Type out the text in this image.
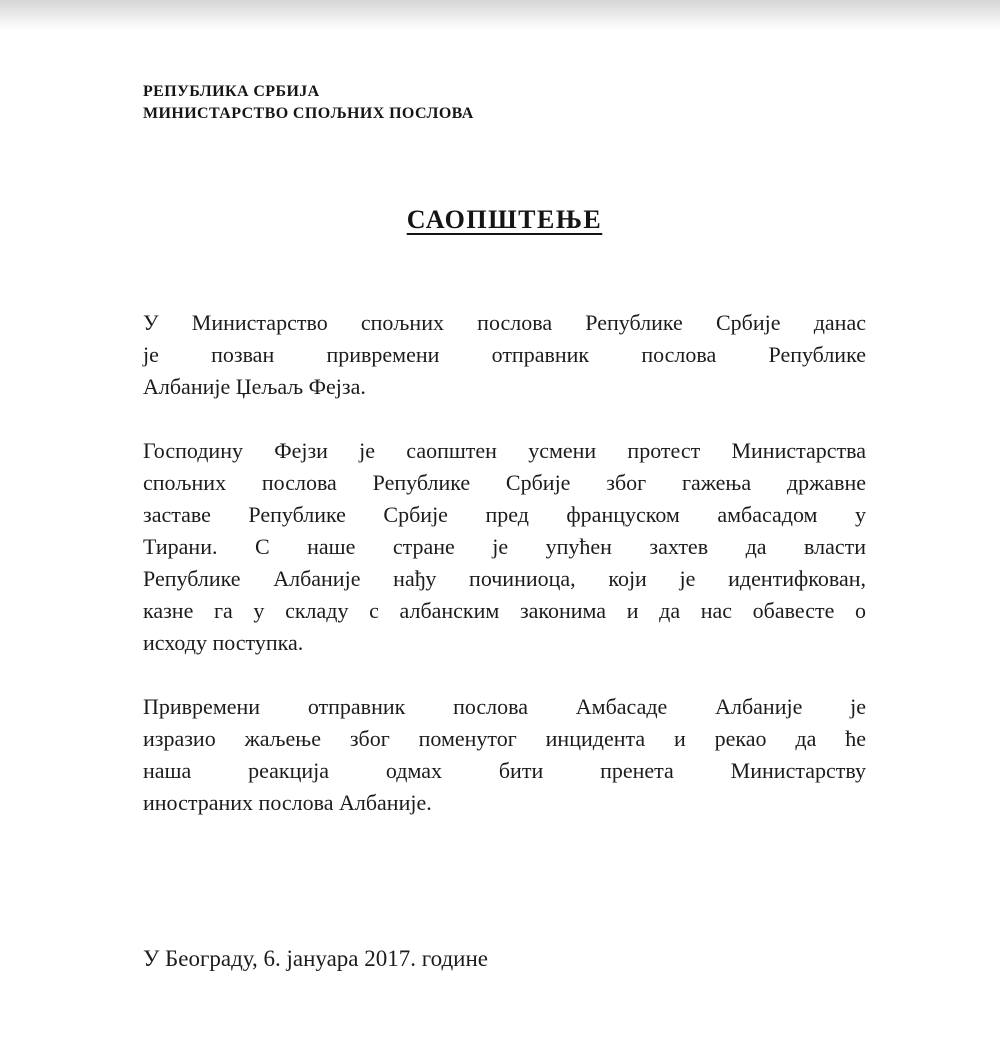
РЕПУБЛИКА СРБИЈА
МИНИСТАРСТВО СПОЉНИХ ПОСЛОВА
САОПШТЕЊЕ
У Министарство спољних послова Републике Србије данас
је позван привремени отправник послова Републике
Албаније Џељаљ Фејза.
Господину Фејзи је саопштен усмени протест Министарства
спољних послова Републике Србије због гажења државне
заставе Републике Србије пред француском амбасадом у
Тирани. С наше стране је упућен захтев да власти
Републике Албаније нађу починиоца, који је идентифкован,
казне га у складу с албанским законима и да нас обавесте о
исходу поступка.
Привремени отправник послова Амбасаде Албаније је
изразио жаљење због поменутог инцидента и рекао да ће
наша реакција одмах бити пренета Министарству
иностраних послова Албаније.
У Београду, 6. јануара 2017. године
